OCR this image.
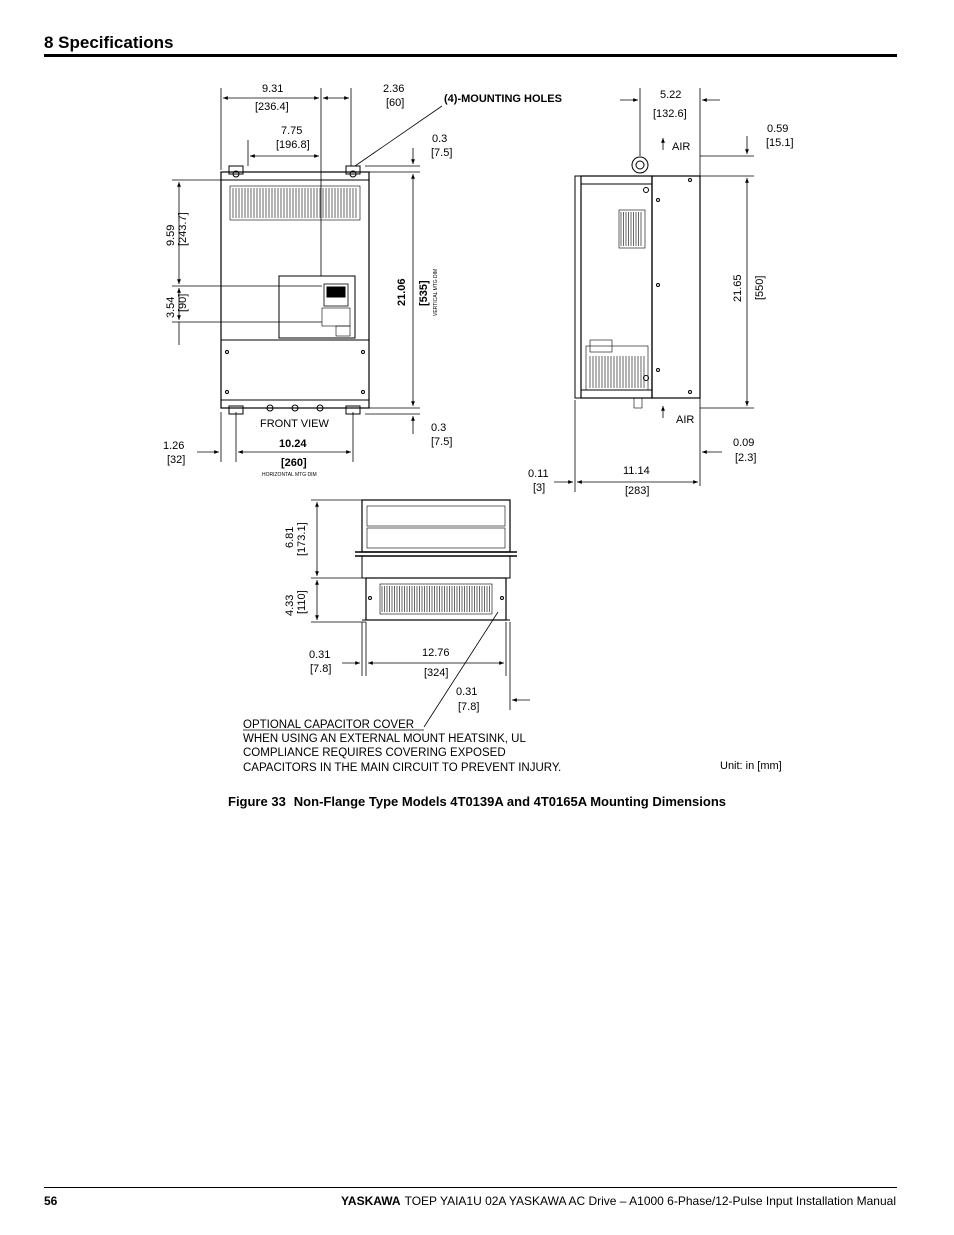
8 Specifications
9.31
[236.4]
2.36
[60]
7.75
[196.8]
(4)-MOUNTING HOLES
0.3
[7.5]
9.59 [243.7]
3.54 [90]	21.06 [535] VERTICAL MTG DIM
0.3
[7.5]
FRONT VIEW
1.26
[32]
10.24
[260]
HORIZONTAL MTG DIM
5.22
[132.6]
0.59
[15.1]
AIR
21.65 [550]
AIR
0.09
[2.3]
0.11
[3]
11.14
[283]
6.81 [173.1]
4.33 [110]
0.31
[7.8]
12.76
[324]
0.31
[7.8]
OPTIONAL CAPACITOR COVER
WHEN USING AN EXTERNAL MOUNT HEATSINK, UL
COMPLIANCE REQUIRES COVERING EXPOSED
CAPACITORS IN THE MAIN CIRCUIT TO PREVENT INJURY.	Unit: in [mm]
Figure 33 Non-Flange Type Models 4T0139A and 4T0165A Mounting Dimensions
56	YASKAWA TOEP YAIA1U 02A YASKAWA AC Drive – A1000 6-Phase/12-Pulse Input Installation Manual
